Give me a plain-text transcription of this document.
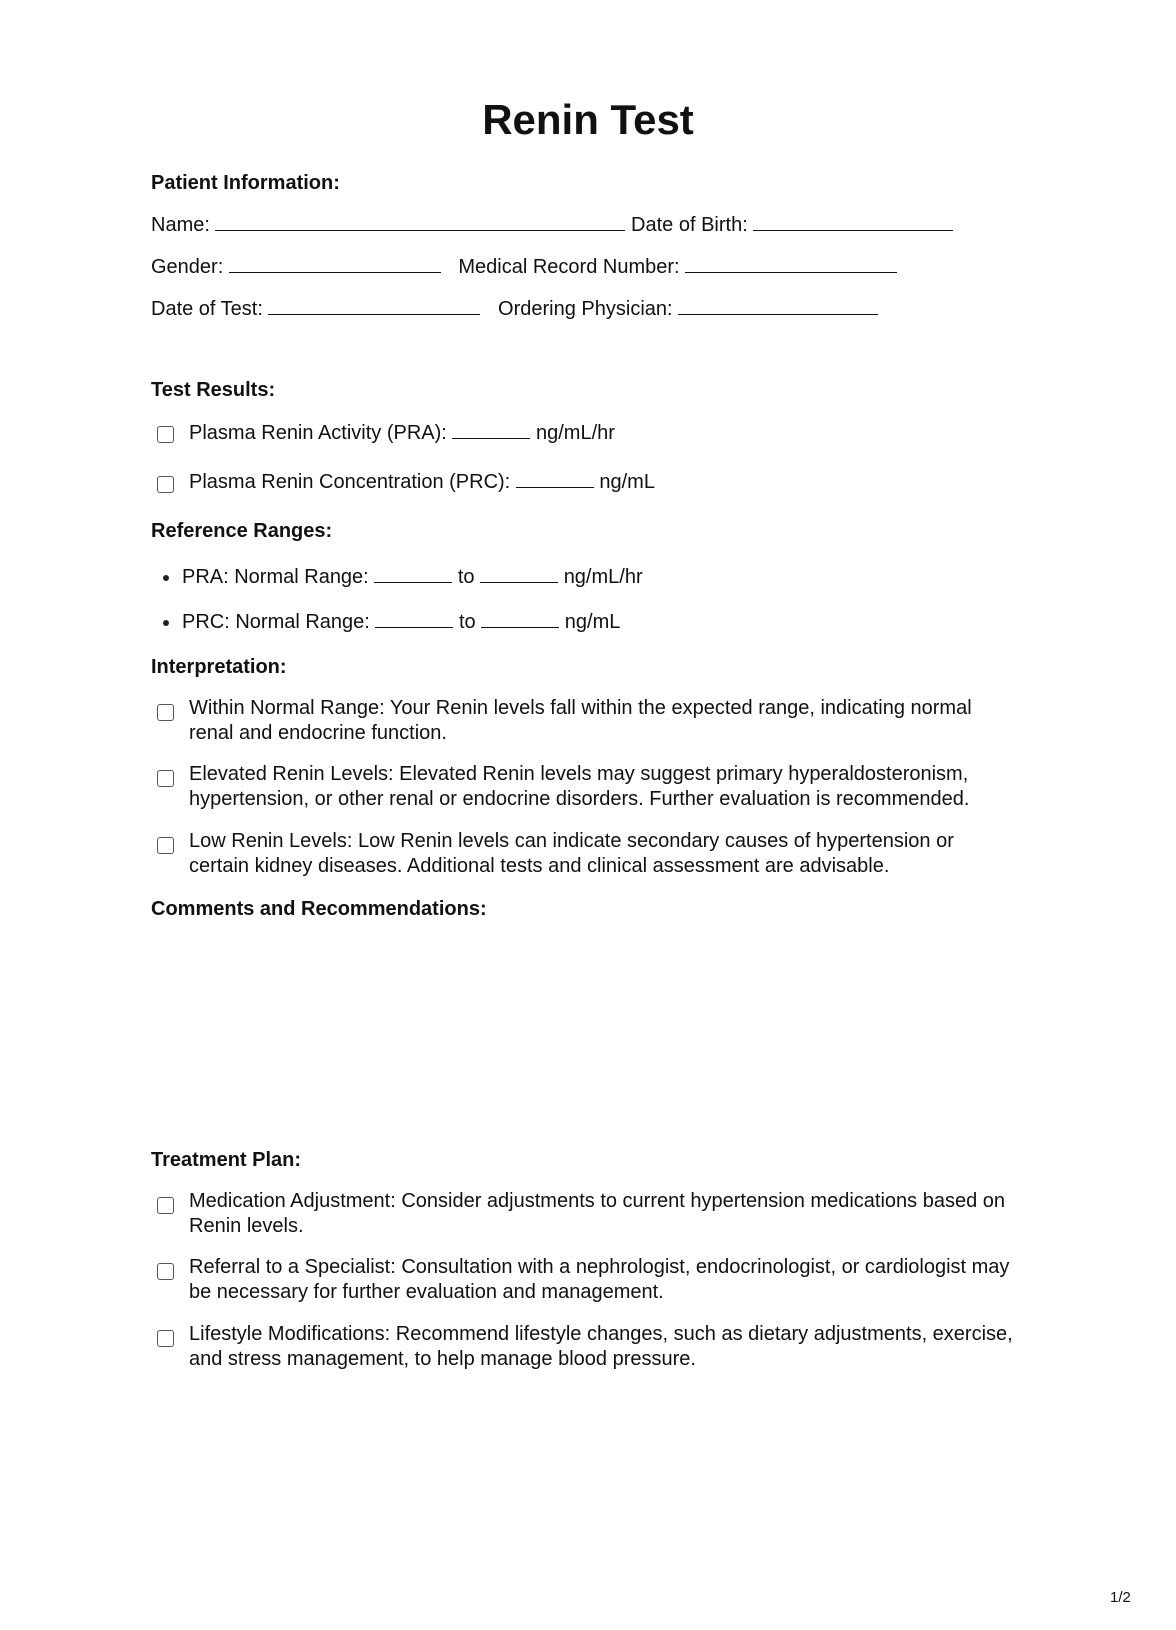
Renin Test
Patient Information:
Name:	Date of Birth:
Gender:	Medical Record Number:
Date of Test:	Ordering Physician:
Test Results:
Plasma Renin Activity (PRA):	ng/mL/hr
Plasma Renin Concentration (PRC):	ng/mL
Reference Ranges:
PRA: Normal Range:	to	ng/mL/hr
PRC: Normal Range:	to	ng/mL
Interpretation:
Within Normal Range: Your Renin levels fall within the expected range, indicating normal renal and endocrine function.
Elevated Renin Levels: Elevated Renin levels may suggest primary hyperaldosteronism, hypertension, or other renal or endocrine disorders. Further evaluation is recommended.
Low Renin Levels: Low Renin levels can indicate secondary causes of hypertension or certain kidney diseases. Additional tests and clinical assessment are advisable.
Comments and Recommendations:
Treatment Plan:
Medication Adjustment: Consider adjustments to current hypertension medications based on Renin levels.
Referral to a Specialist: Consultation with a nephrologist, endocrinologist, or cardiologist may be necessary for further evaluation and management.
Lifestyle Modifications: Recommend lifestyle changes, such as dietary adjustments, exercise, and stress management, to help manage blood pressure.
1/2
